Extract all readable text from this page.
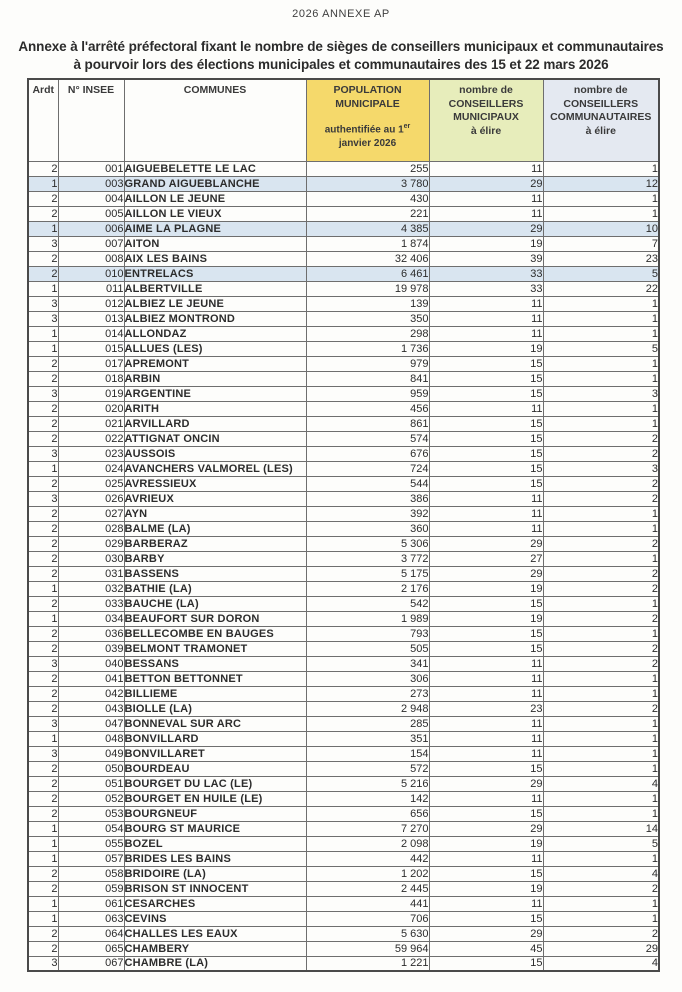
2026 ANNEXE AP
Annexe à l'arrêté préfectoral fixant le nombre de sièges de conseillers municipaux et communautaires
à pourvoir lors des élections municipales et communautaires des 15 et 22 mars 2026
Ardt	N° INSEE	COMMUNES	POPULATION MUNICIPALE
authentifiée au 1er
janvier 2026
	nombre de
CONSEILLERS
MUNICIPAUX
à élire	nombre de
CONSEILLERS
COMMUNAUTAIRES
à élire
2	001	AIGUEBELETTE LE LAC	255	11	1
1	003	GRAND AIGUEBLANCHE	3 780	29	12
2	004	AILLON LE JEUNE	430	11	1
2	005	AILLON LE VIEUX	221	11	1
1	006	AIME LA PLAGNE	4 385	29	10
3	007	AITON	1 874	19	7
2	008	AIX LES BAINS	32 406	39	23
2	010	ENTRELACS	6 461	33	5
1	011	ALBERTVILLE	19 978	33	22
3	012	ALBIEZ LE JEUNE	139	11	1
3	013	ALBIEZ MONTROND	350	11	1
1	014	ALLONDAZ	298	11	1
1	015	ALLUES (LES)	1 736	19	5
2	017	APREMONT	979	15	1
2	018	ARBIN	841	15	1
3	019	ARGENTINE	959	15	3
2	020	ARITH	456	11	1
2	021	ARVILLARD	861	15	1
2	022	ATTIGNAT ONCIN	574	15	2
3	023	AUSSOIS	676	15	2
1	024	AVANCHERS VALMOREL (LES)	724	15	3
2	025	AVRESSIEUX	544	15	2
3	026	AVRIEUX	386	11	2
2	027	AYN	392	11	1
2	028	BALME (LA)	360	11	1
2	029	BARBERAZ	5 306	29	2
2	030	BARBY	3 772	27	1
2	031	BASSENS	5 175	29	2
1	032	BATHIE (LA)	2 176	19	2
2	033	BAUCHE (LA)	542	15	1
1	034	BEAUFORT SUR DORON	1 989	19	2
2	036	BELLECOMBE EN BAUGES	793	15	1
2	039	BELMONT TRAMONET	505	15	2
3	040	BESSANS	341	11	2
2	041	BETTON BETTONNET	306	11	1
2	042	BILLIEME	273	11	1
2	043	BIOLLE (LA)	2 948	23	2
3	047	BONNEVAL SUR ARC	285	11	1
1	048	BONVILLARD	351	11	1
3	049	BONVILLARET	154	11	1
2	050	BOURDEAU	572	15	1
2	051	BOURGET DU LAC (LE)	5 216	29	4
2	052	BOURGET EN HUILE (LE)	142	11	1
2	053	BOURGNEUF	656	15	1
1	054	BOURG ST MAURICE	7 270	29	14
1	055	BOZEL	2 098	19	5
1	057	BRIDES LES BAINS	442	11	1
2	058	BRIDOIRE (LA)	1 202	15	4
2	059	BRISON ST INNOCENT	2 445	19	2
1	061	CESARCHES	441	11	1
1	063	CEVINS	706	15	1
2	064	CHALLES LES EAUX	5 630	29	2
2	065	CHAMBERY	59 964	45	29
3	067	CHAMBRE (LA)	1 221	15	4
